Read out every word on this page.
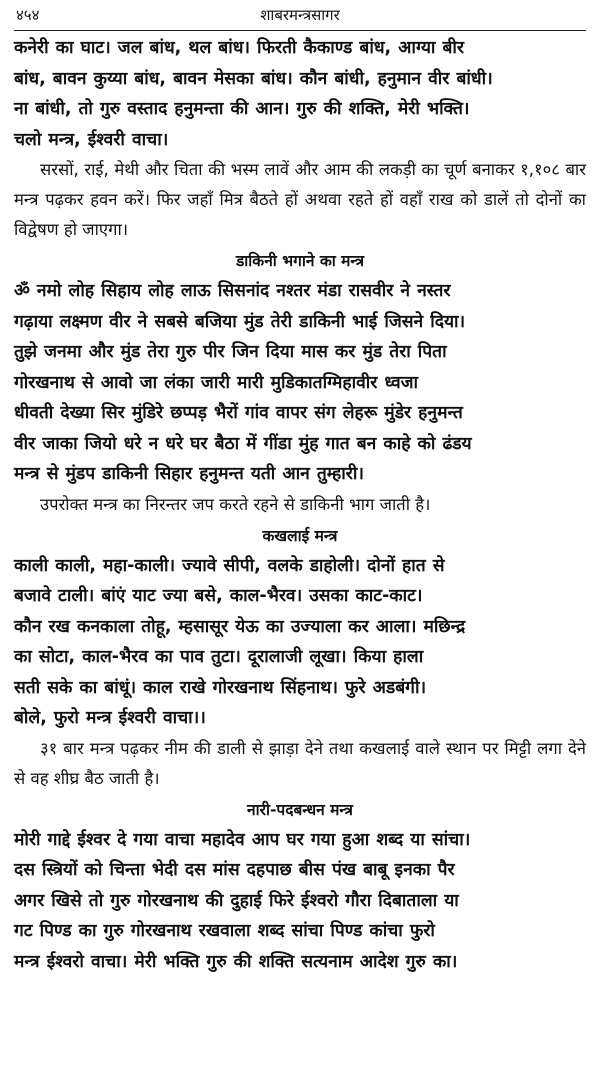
४५४	शाबरमन्त्रसागर

कनेरी का घाट। जल बांध, थल बांध। फिरती कैकाण्ड बांध, आग्या बीर
बांध, बावन कुय्या बांध, बावन मेसका बांध। कौन बांधी, हनुमान वीर बांधी।
ना बांधी, तो गुरु वस्ताद हनुमन्ता की आन। गुरु की शक्ति, मेरी भक्ति।
चलो मन्त्र, ईश्वरी वाचा।

सरसों, राई, मेथी और चिता की भस्म लावें और आम की लकड़ी का चूर्ण बनाकर १,१०८ बार मन्त्र पढ़कर हवन करें। फिर जहाँ मित्र बैठते हों अथवा रहते हों वहाँ राख को डालें तो दोनों का विद्वेषण हो जाएगा।

डाकिनी भगाने का मन्त्र

ॐ नमो लोह सिहाय लोह लाऊ सिसनांद नश्तर मंडा रासवीर ने नस्तर
गढ़ाया लक्ष्मण वीर ने सबसे बजिया मुंड तेरी डाकिनी भाई जिसने दिया।
तुझे जनमा और मुंड तेरा गुरु पीर जिन दिया मास कर मुंड तेरा पिता
गोरखनाथ से आवो जा लंका जारी मारी मुडिकातग्मिहावीर ध्वजा
धीवती देख्या सिर मुंडिरे छप्पड़ भैरों गांव वापर संग लेहरू मुंडेर हनुमन्त
वीर जाका जियो धरे न धरे घर बैठा में गींडा मुंह गात बन काहे को ढंडय
मन्त्र से मुंडप डाकिनी सिहार हनुमन्त यती आन तुम्हारी।

उपरोक्त मन्त्र का निरन्तर जप करते रहने से डाकिनी भाग जाती है।

कखलाई मन्त्र

काली काली, महा-काली। ज्यावे सीपी, वलके डाहोली। दोनों हात से
बजावे टाली। बांएं याट ज्या बसे, काल-भैरव। उसका काट-काट।
कौन रख कनकाला तोहू, म्हसासूर येऊ का उज्याला कर आला। मछिन्द्र
का सोटा, काल-भैरव का पाव तुटा। दूरालाजी लूखा। किया हाला
सती सके का बांधूं। काल राखे गोरखनाथ सिंहनाथ। फुरे अडबंगी।
बोले, फुरो मन्त्र ईश्वरी वाचा।।

३१ बार मन्त्र पढ़कर नीम की डाली से झाड़ा देने तथा कखलाई वाले स्थान पर मिट्टी लगा देने से वह शीघ्र बैठ जाती है।

नारी-पदबन्धन मन्त्र

मोरी गाद्दे ईश्वर दे गया वाचा महादेव आप घर गया हुआ शब्द या सांचा।
दस स्त्रियों को चिन्ता भेदी दस मांस दहपाछ बीस पंख बाबू इनका पैर
अगर खिसे तो गुरु गोरखनाथ की दुहाई फिरे ईश्वरो गौरा दिबाताला या
गट पिण्ड का गुरु गोरखनाथ रखवाला शब्द सांचा पिण्ड कांचा फुरो
मन्त्र ईश्वरो वाचा। मेरी भक्ति गुरु की शक्ति सत्यनाम आदेश गुरु का।
